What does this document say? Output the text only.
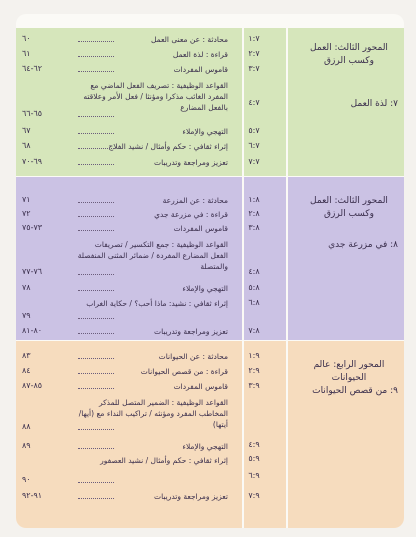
المحور الثالث: العمل وكسب الرزق
٧: لذة العمل
١:٧
محادثة : عن معنى العمل
٦٠
٢:٧
قراءة : لذة العمل
٦١
٣:٧
قاموس المفردات
٦٢-٦٤
٤:٧
القواعد الوظيفية : تصريف الفعل الماضي مع المفرد الغائب مذكرا ومؤنثا / فعل الأمر وعلاقته بالفعل المضارع
٦٥-٦٦
٥:٧
التهجي والإملاء
٦٧
٦:٧
إثراء ثقافي : حكم وأمثال / نشيد الفلاح
٦٨
٧:٧
تعزيز ومراجعة وتدريبات
٦٩-٧٠
المحور الثالث: العمل وكسب الرزق
٨: في مزرعة جدي
١:٨
محادثة : عن المزرعة
٧١
٢:٨
قراءة : في مزرعة جدي
٧٢
٣:٨
قاموس المفردات
٧٣-٧٥
٤:٨
القواعد الوظيفية : جمع التكسير / تصريفات الفعل المضارع المفردة / ضمائر المثنى المنفصلة والمتصلة
٧٦-٧٧
٥:٨
التهجي والإملاء
٧٨
٦:٨
إثراء ثقافي : نشيد: ماذا أحب؟ / حكاية الغراب
٧٩
٧:٨
تعزيز ومراجعة وتدريبات
٨٠-٨١
المحور الرابع: عالم الحيوانات
٩: من قصص الحيوانات
١:٩
محادثة : عن الحيوانات
٨٣
٢:٩
قراءة : من قصص الحيوانات
٨٤
٣:٩
قاموس المفردات
٨٥-٨٧
٤:٩
القواعد الوظيفية : الضمير المتصل للمذكر المخاطب المفرد ومؤنثه / تراكيب النداء مع (أيها/ أيتها)
٨٨
٥:٩
التهجي والإملاء
٨٩
٦:٩
إثراء ثقافي : حكم وأمثال / نشيد العصفور
٩٠
٧:٩
تعزيز ومراجعة وتدريبات
٩١-٩٢
